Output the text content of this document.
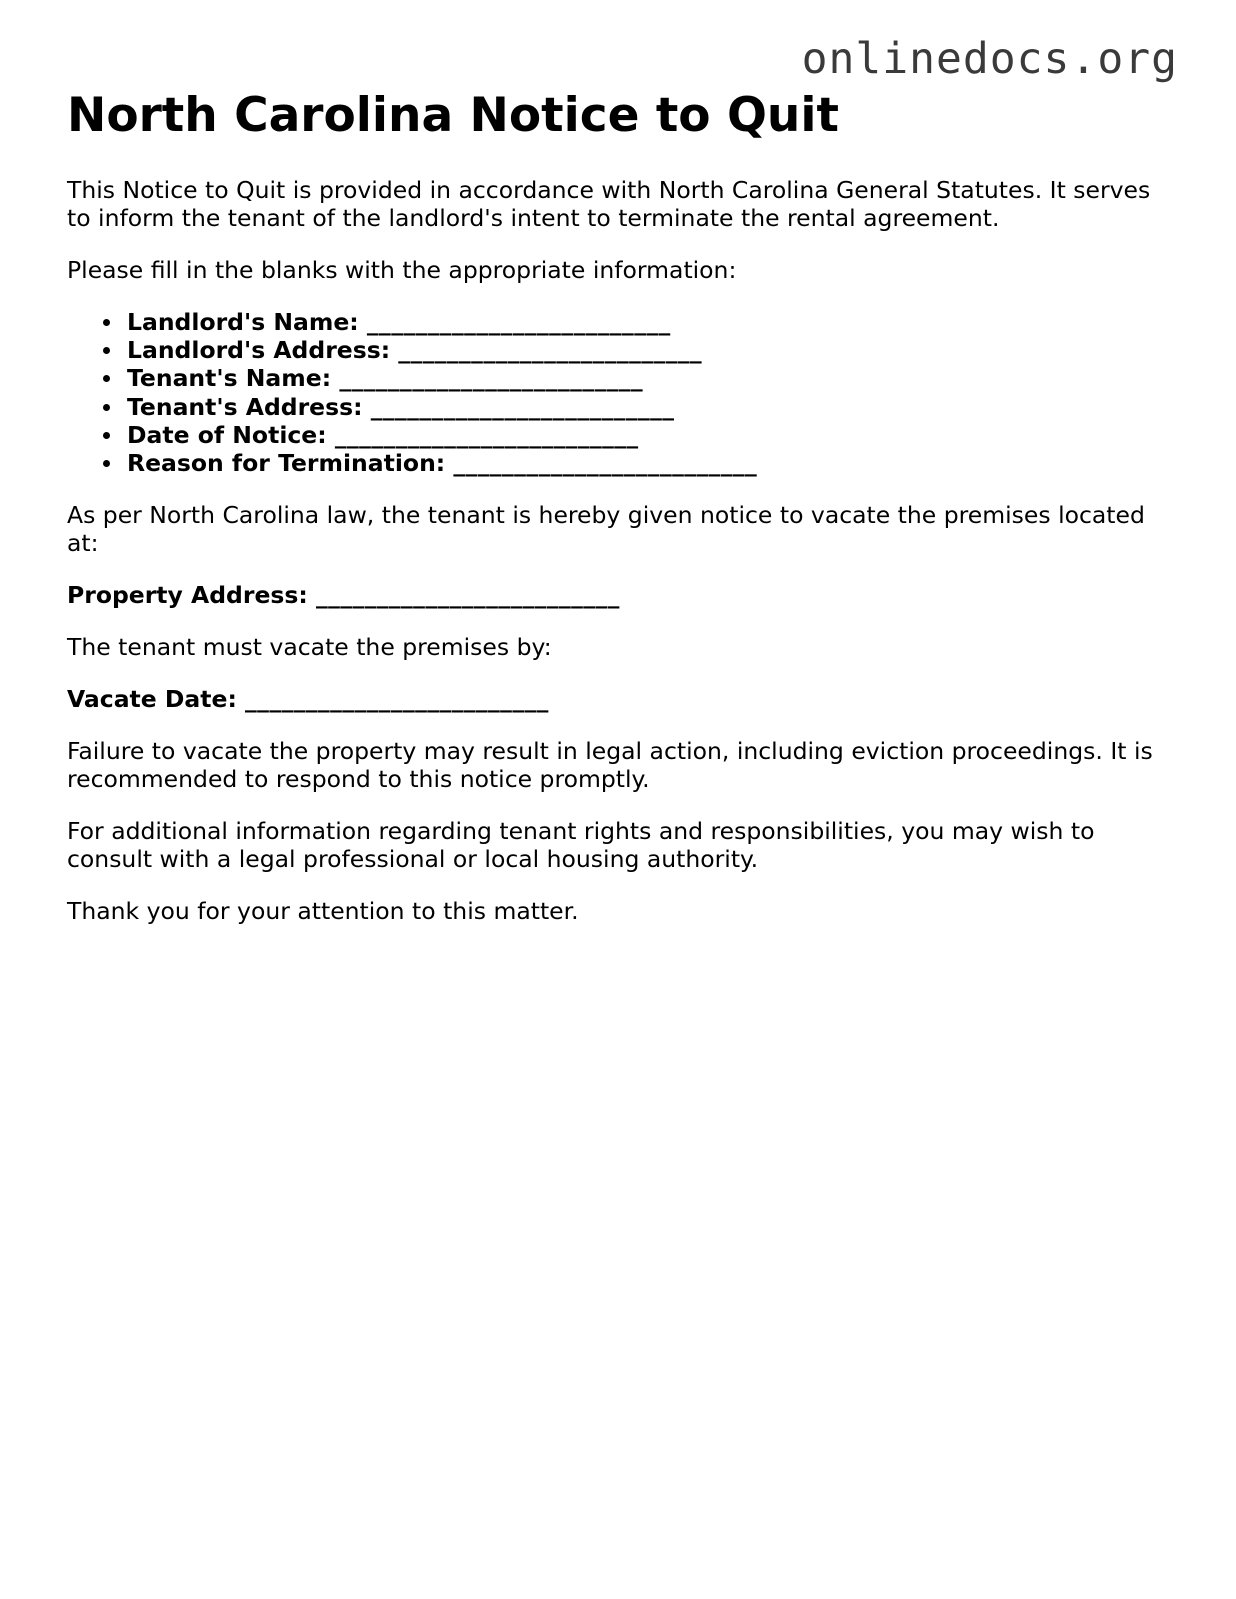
onlinedocs.org
North Carolina Notice to Quit

This Notice to Quit is provided in accordance with North Carolina General Statutes. It serves to inform the tenant of the landlord's intent to terminate the rental agreement.

Please fill in the blanks with the appropriate information:

Landlord's Name: _________________________
Landlord's Address: _________________________
Tenant's Name: _________________________
Tenant's Address: _________________________
Date of Notice: _________________________
Reason for Termination: _________________________

As per North Carolina law, the tenant is hereby given notice to vacate the premises located at:

Property Address: _________________________

The tenant must vacate the premises by:

Vacate Date: _________________________

Failure to vacate the property may result in legal action, including eviction proceedings. It is recommended to respond to this notice promptly.

For additional information regarding tenant rights and responsibilities, you may wish to consult with a legal professional or local housing authority.

Thank you for your attention to this matter.
